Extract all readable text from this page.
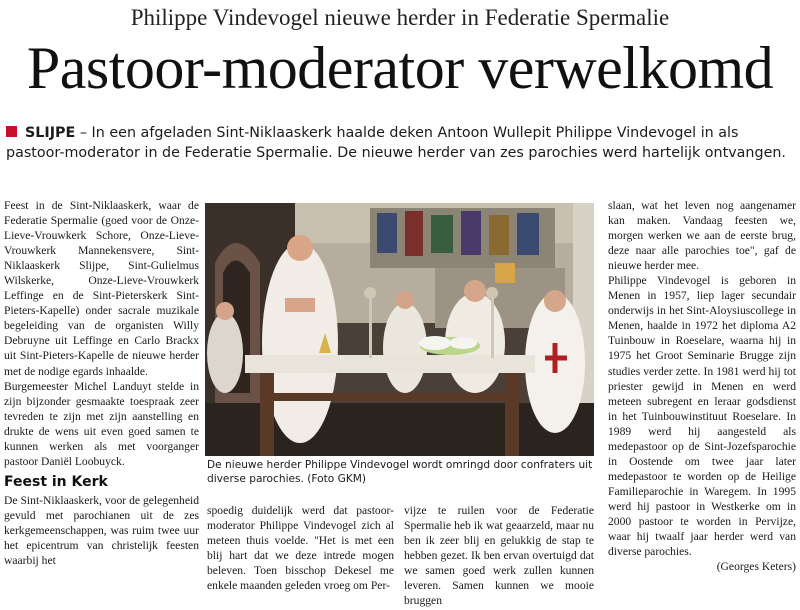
Philippe Vindevogel nieuwe herder in Federatie Spermalie
Pastoor-moderator verwelkomd
SLIJPE – In een afgeladen Sint-Niklaaskerk haalde deken Antoon Wullepit Philippe Vindevogel in als pastoor-moderator in de Federatie Spermalie. De nieuwe herder van zes parochies werd hartelijk ontvangen.

Feest in de Sint-Niklaaskerk, waar de Federatie Spermalie (goed voor de Onze-Lieve-Vrouwkerk Schore, Onze-Lieve-Vrouwkerk Mannekensvere, Sint-Niklaaskerk Slijpe, Sint-Gulielmus Wilskerke, Onze-Lieve-Vrouwkerk Leffinge en de Sint-Pieterskerk Sint-Pieters-Kapelle) onder sacrale muzikale begeleiding van de organisten Willy Debruyne uit Leffinge en Carlo Brackx uit Sint-Pieters-Kapelle de nieuwe herder met de nodige egards inhaalde.

Burgemeester Michel Landuyt stelde in zijn bijzonder gesmaakte toespraak zeer tevreden te zijn met zijn aanstelling en drukte de wens uit even goed samen te kunnen werken als met voorganger pastoor Daniël Loobuyck.

Feest in Kerk

De Sint-Niklaaskerk, voor de gelegenheid gevuld met parochianen uit de zes kerkgemeenschappen, was ruim twee uur het epicentrum van christelijk feesten waarbij het

De nieuwe herder Philippe Vindevogel wordt omringd door confraters uit diverse parochies. (Foto GKM)

spoedig duidelijk werd dat pastoor-moderator Philippe Vindevogel zich al meteen thuis voelde. "Het is met een blij hart dat we deze intrede mogen beleven. Toen bisschop Dekesel me enkele maanden geleden vroeg om Per-

vijze te ruilen voor de Federatie Spermalie heb ik wat geaarzeld, maar nu ben ik zeer blij en gelukkig de stap te hebben gezet. Ik ben ervan overtuigd dat we samen goed werk zullen kunnen leveren. Samen kunnen we mooie bruggen

slaan, wat het leven nog aangenamer kan maken. Vandaag feesten we, morgen werken we aan de eerste brug, deze naar alle parochies toe", gaf de nieuwe herder mee.

Philippe Vindevogel is geboren in Menen in 1957, liep lager secundair onderwijs in het Sint-Aloysiuscollege in Menen, haalde in 1972 het diploma A2 Tuinbouw in Roeselare, waarna hij in 1975 het Groot Seminarie Brugge zijn studies verder zette. In 1981 werd hij tot priester gewijd in Menen en werd meteen subregent en leraar godsdienst in het Tuinbouwinstituut Roeselare. In 1989 werd hij aangesteld als medepastoor op de Sint-Jozefsparochie in Oostende om twee jaar later medepastoor te worden op de Heilige Familieparochie in Waregem. In 1995 werd hij pastoor in Westkerke om in 2000 pastoor te worden in Pervijze, waar hij twaalf jaar herder werd van diverse parochies.

(Georges Keters)
